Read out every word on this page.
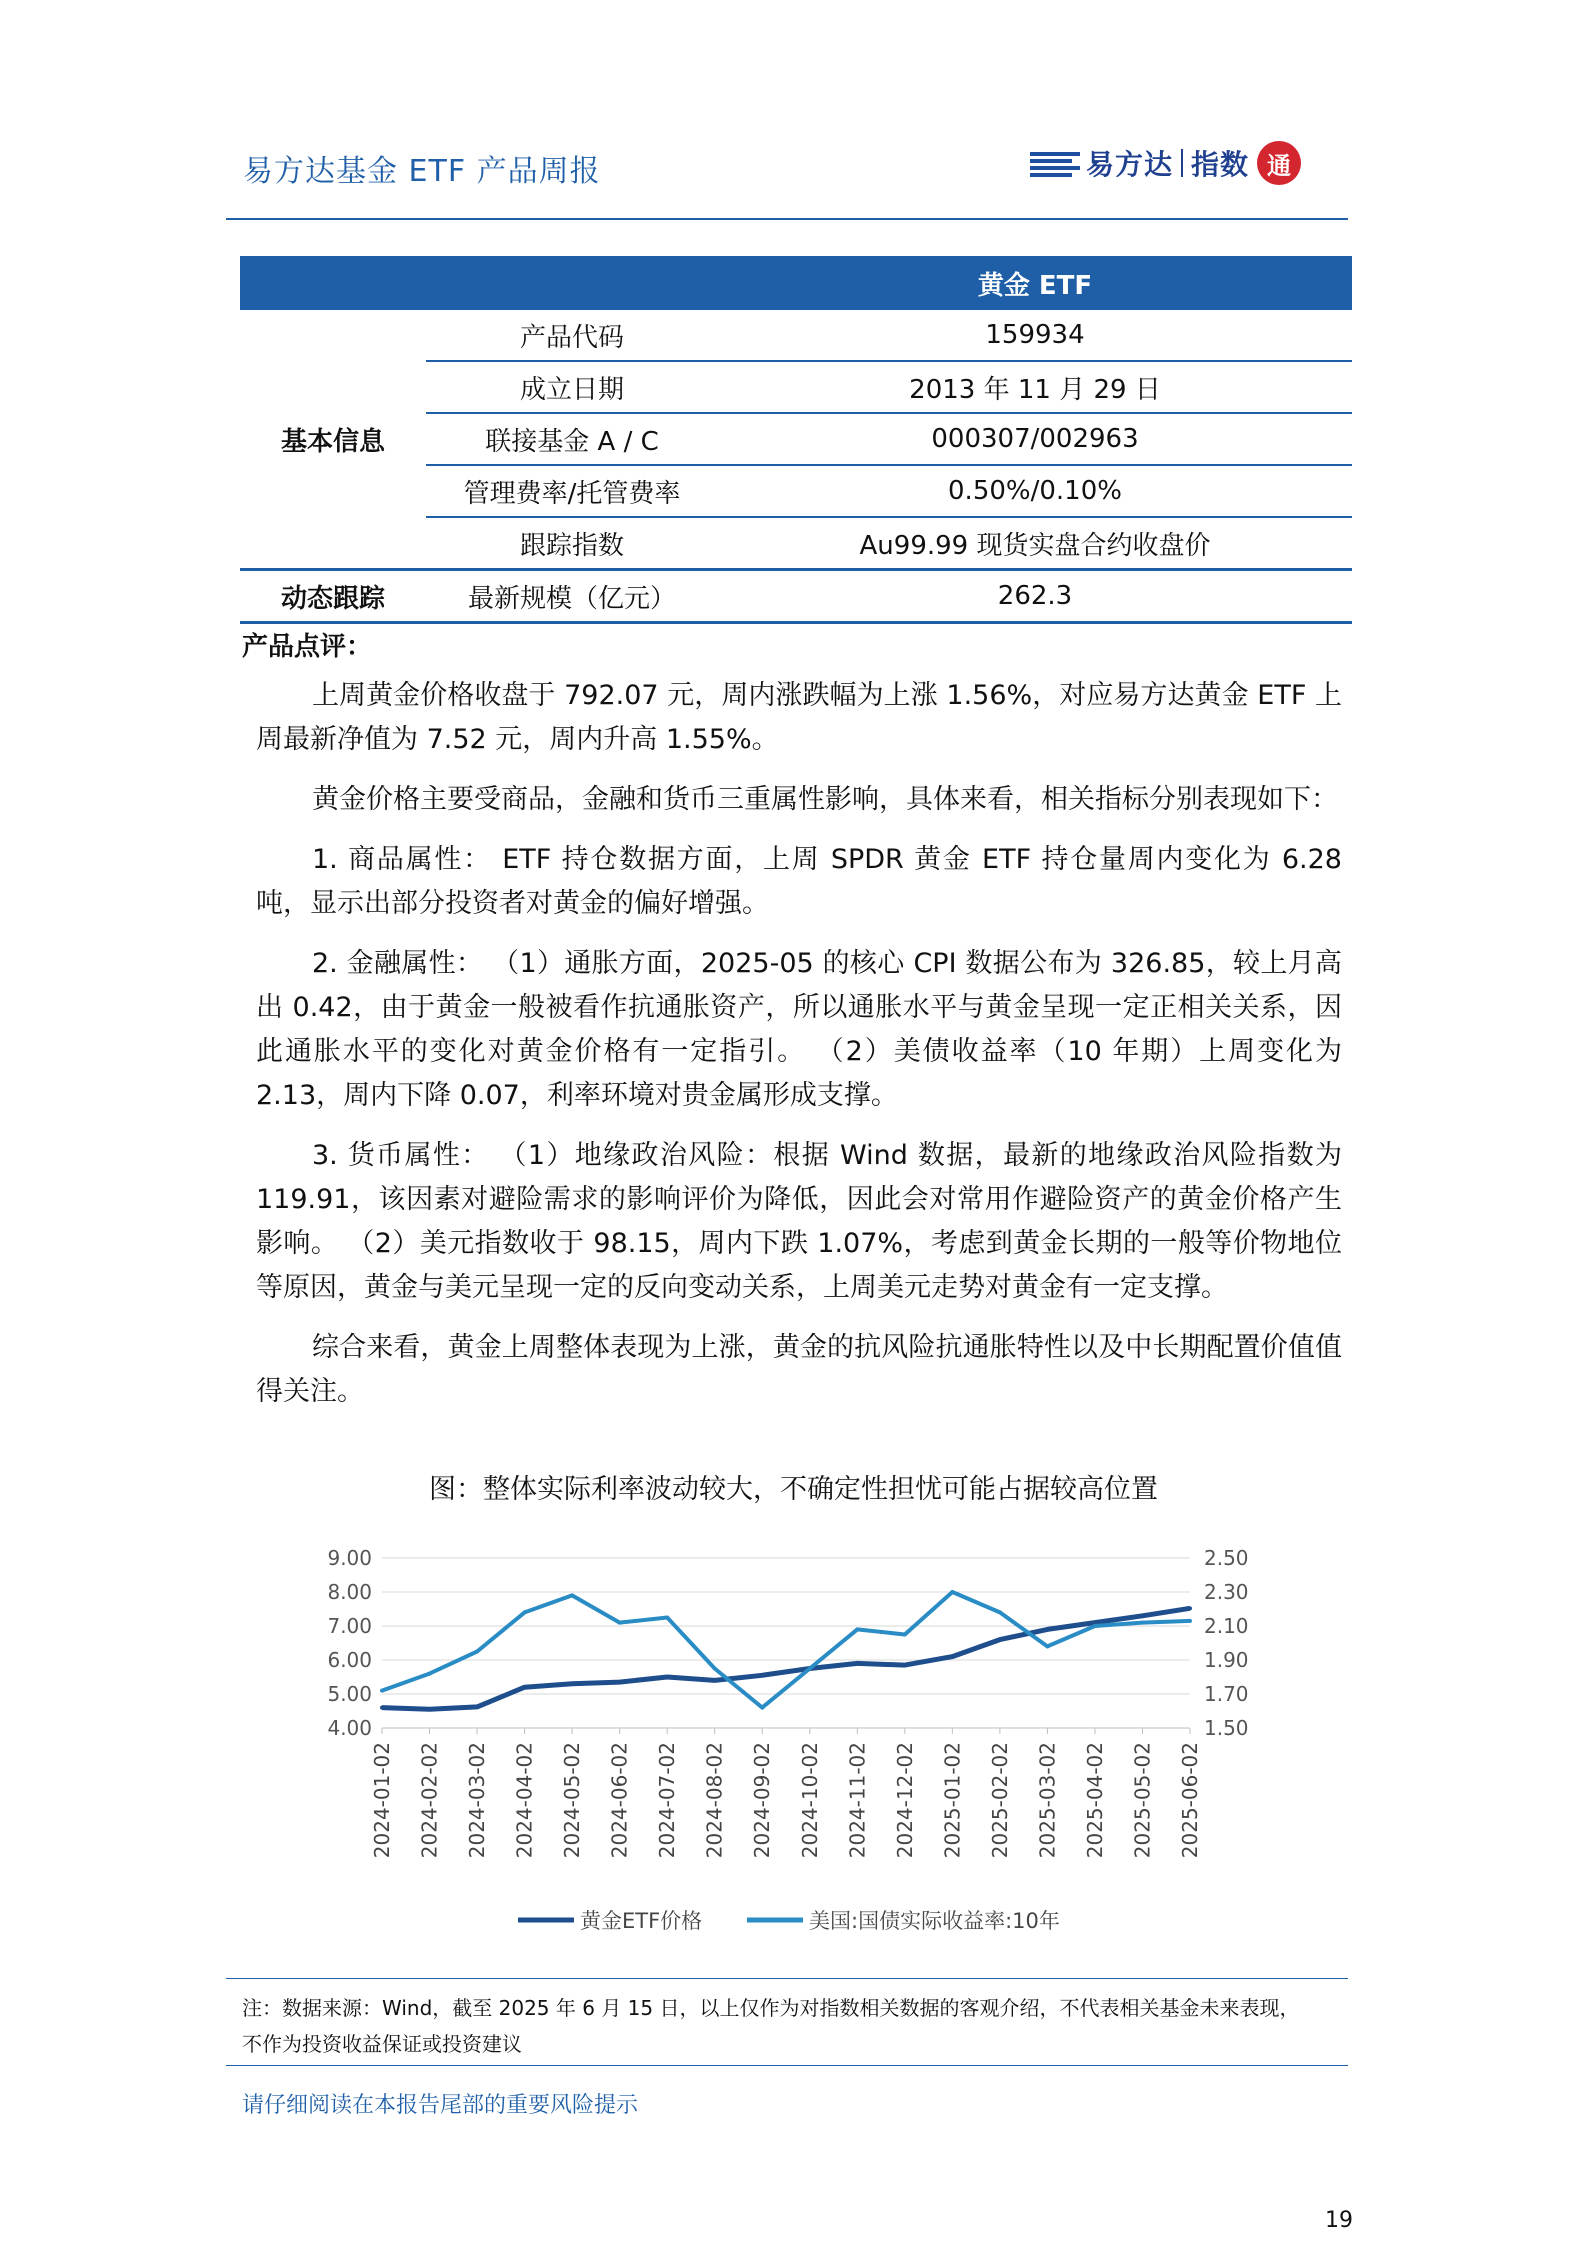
易方达基金 ETF 产品周报	易方达 指数 通
		黄金 ETF
基本信息	产品代码	159934
	成立日期	2013 年 11 月 29 日
	联接基金 A / C	000307/002963
	管理费率/托管费率	0.50%/0.10%
	跟踪指数	Au99.99 现货实盘合约收盘价
动态跟踪	最新规模（亿元）	262.3
产品点评：

上周黄金价格收盘于 792.07 元，周内涨跌幅为上涨 1.56%，对应易方达黄金 ETF 上周最新净值为 7.52 元，周内升高 1.55%。

黄金价格主要受商品，金融和货币三重属性影响，具体来看，相关指标分别表现如下：

1. 商品属性： ETF 持仓数据方面，上周 SPDR 黄金 ETF 持仓量周内变化为 6.28 吨，显示出部分投资者对黄金的偏好增强。

2. 金融属性： （1）通胀方面，2025-05 的核心 CPI 数据公布为 326.85，较上月高出 0.42，由于黄金一般被看作抗通胀资产，所以通胀水平与黄金呈现一定正相关关系，因此通胀水平的变化对黄金价格有一定指引。 （2）美债收益率（10 年期）上周变化为 2.13，周内下降 0.07，利率环境对贵金属形成支撑。

3. 货币属性： （1）地缘政治风险：根据 Wind 数据，最新的地缘政治风险指数为 119.91，该因素对避险需求的影响评价为降低，因此会对常用作避险资产的黄金价格产生影响。 （2）美元指数收于 98.15，周内下跌 1.07%，考虑到黄金长期的一般等价物地位等原因，黄金与美元呈现一定的反向变动关系，上周美元走势对黄金有一定支撑。

综合来看，黄金上周整体表现为上涨，黄金的抗风险抗通胀特性以及中长期配置价值值得关注。

图：整体实际利率波动较大，不确定性担忧可能占据较高位置
9.00
8.00
7.00
6.00
5.00
4.00
2.50
2.30
2.10
1.90
1.70
1.50
2024-01-02 2024-02-02 2024-03-02 2024-04-02 2024-05-02 2024-06-02 2024-07-02 2024-08-02 2024-09-02 2024-10-02 2024-11-02 2024-12-02 2025-01-02 2025-02-02 2025-03-02 2025-04-02 2025-05-02 2025-06-02
黄金ETF价格	美国:国债实际收益率:10年
注：数据来源：Wind，截至 2025 年 6 月 15 日，以上仅作为对指数相关数据的客观介绍，不代表相关基金未来表现，
不作为投资收益保证或投资建议
请仔细阅读在本报告尾部的重要风险提示
19
